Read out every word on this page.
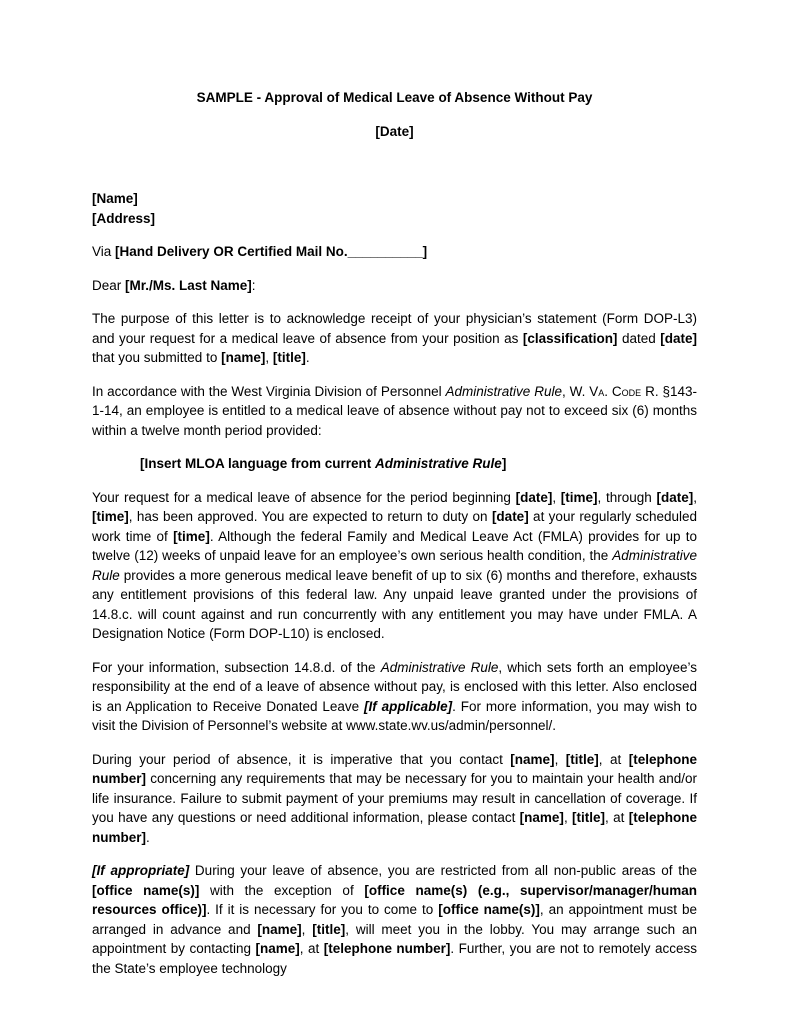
SAMPLE - Approval of Medical Leave of Absence Without Pay

[Date]

[Name]

[Address]

Via [Hand Delivery OR Certified Mail No.__________]

Dear [Mr./Ms. Last Name]:

The purpose of this letter is to acknowledge receipt of your physician’s statement (Form DOP-L3) and your request for a medical leave of absence from your position as [classification] dated [date] that you submitted to [name], [title].

In accordance with the West Virginia Division of Personnel Administrative Rule, W. Va. Code R. §143-1-14, an employee is entitled to a medical leave of absence without pay not to exceed six (6) months within a twelve month period provided:

[Insert MLOA language from current Administrative Rule]

Your request for a medical leave of absence for the period beginning [date], [time], through [date], [time], has been approved. You are expected to return to duty on [date] at your regularly scheduled work time of [time]. Although the federal Family and Medical Leave Act (FMLA) provides for up to twelve (12) weeks of unpaid leave for an employee’s own serious health condition, the Administrative Rule provides a more generous medical leave benefit of up to six (6) months and therefore, exhausts any entitlement provisions of this federal law. Any unpaid leave granted under the provisions of 14.8.c. will count against and run concurrently with any entitlement you may have under FMLA. A Designation Notice (Form DOP-L10) is enclosed.

For your information, subsection 14.8.d. of the Administrative Rule, which sets forth an employee’s responsibility at the end of a leave of absence without pay, is enclosed with this letter. Also enclosed is an Application to Receive Donated Leave [If applicable]. For more information, you may wish to visit the Division of Personnel’s website at www.state.wv.us/admin/personnel/.

During your period of absence, it is imperative that you contact [name], [title], at [telephone number] concerning any requirements that may be necessary for you to maintain your health and/or life insurance. Failure to submit payment of your premiums may result in cancellation of coverage. If you have any questions or need additional information, please contact [name], [title], at [telephone number].

[If appropriate] During your leave of absence, you are restricted from all non-public areas of the [office name(s)] with the exception of [office name(s) (e.g., supervisor/manager/human resources office)]. If it is necessary for you to come to [office name(s)], an appointment must be arranged in advance and [name], [title], will meet you in the lobby. You may arrange such an appointment by contacting [name], at [telephone number]. Further, you are not to remotely access the State’s employee technology
